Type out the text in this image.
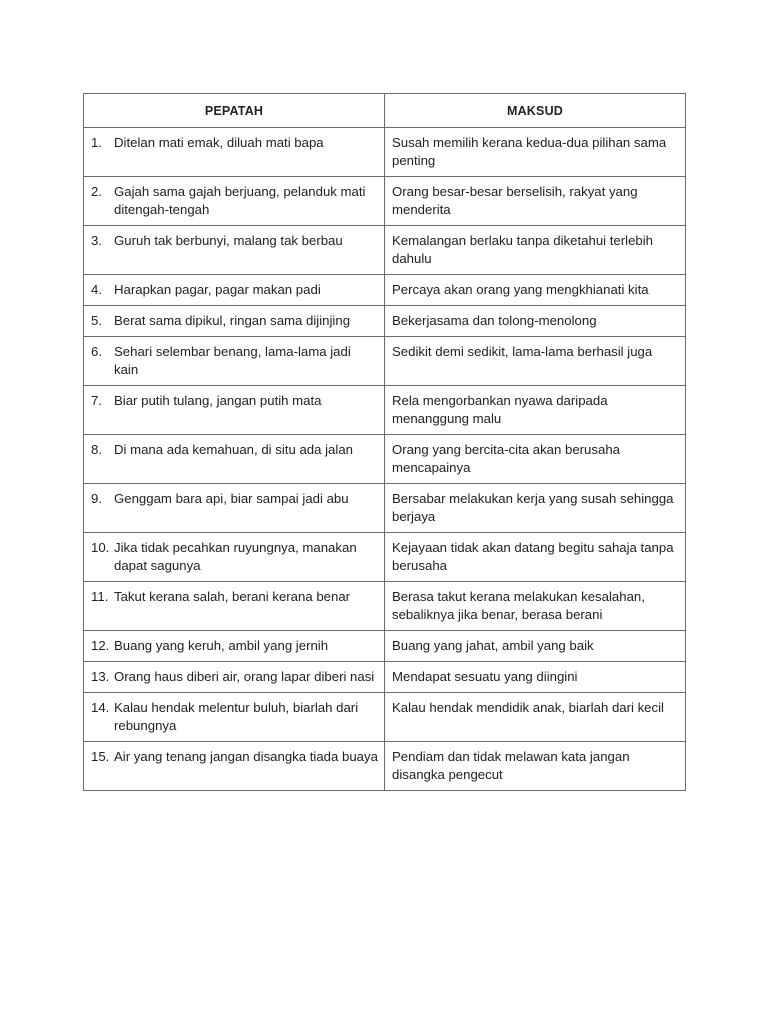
PEPATAH	MAKSUD

1. Ditelan mati emak, diluah mati bapa	Susah memilih kerana kedua-dua pilihan sama penting

2. Gajah sama gajah berjuang, pelanduk mati ditengah-tengah	Orang besar-besar berselisih, rakyat yang menderita

3. Guruh tak berbunyi, malang tak berbau	Kemalangan berlaku tanpa diketahui terlebih dahulu

4. Harapkan pagar, pagar makan padi	Percaya akan orang yang mengkhianati kita

5. Berat sama dipikul, ringan sama dijinjing	Bekerjasama dan tolong-menolong

6. Sehari selembar benang, lama-lama jadi kain	Sedikit demi sedikit, lama-lama berhasil juga

7. Biar putih tulang, jangan putih mata	Rela mengorbankan nyawa daripada menanggung malu

8. Di mana ada kemahuan, di situ ada jalan	Orang yang bercita-cita akan berusaha mencapainya

9. Genggam bara api, biar sampai jadi abu	Bersabar melakukan kerja yang susah sehingga berjaya

10. Jika tidak pecahkan ruyungnya, manakan dapat sagunya	Kejayaan tidak akan datang begitu sahaja tanpa berusaha

11. Takut kerana salah, berani kerana benar	Berasa takut kerana melakukan kesalahan, sebaliknya jika benar, berasa berani

12. Buang yang keruh, ambil yang jernih	Buang yang jahat, ambil yang baik

13. Orang haus diberi air, orang lapar diberi nasi	Mendapat sesuatu yang diingini

14. Kalau hendak melentur buluh, biarlah dari rebungnya	Kalau hendak mendidik anak, biarlah dari kecil

15. Air yang tenang jangan disangka tiada buaya	Pendiam dan tidak melawan kata jangan disangka pengecut
